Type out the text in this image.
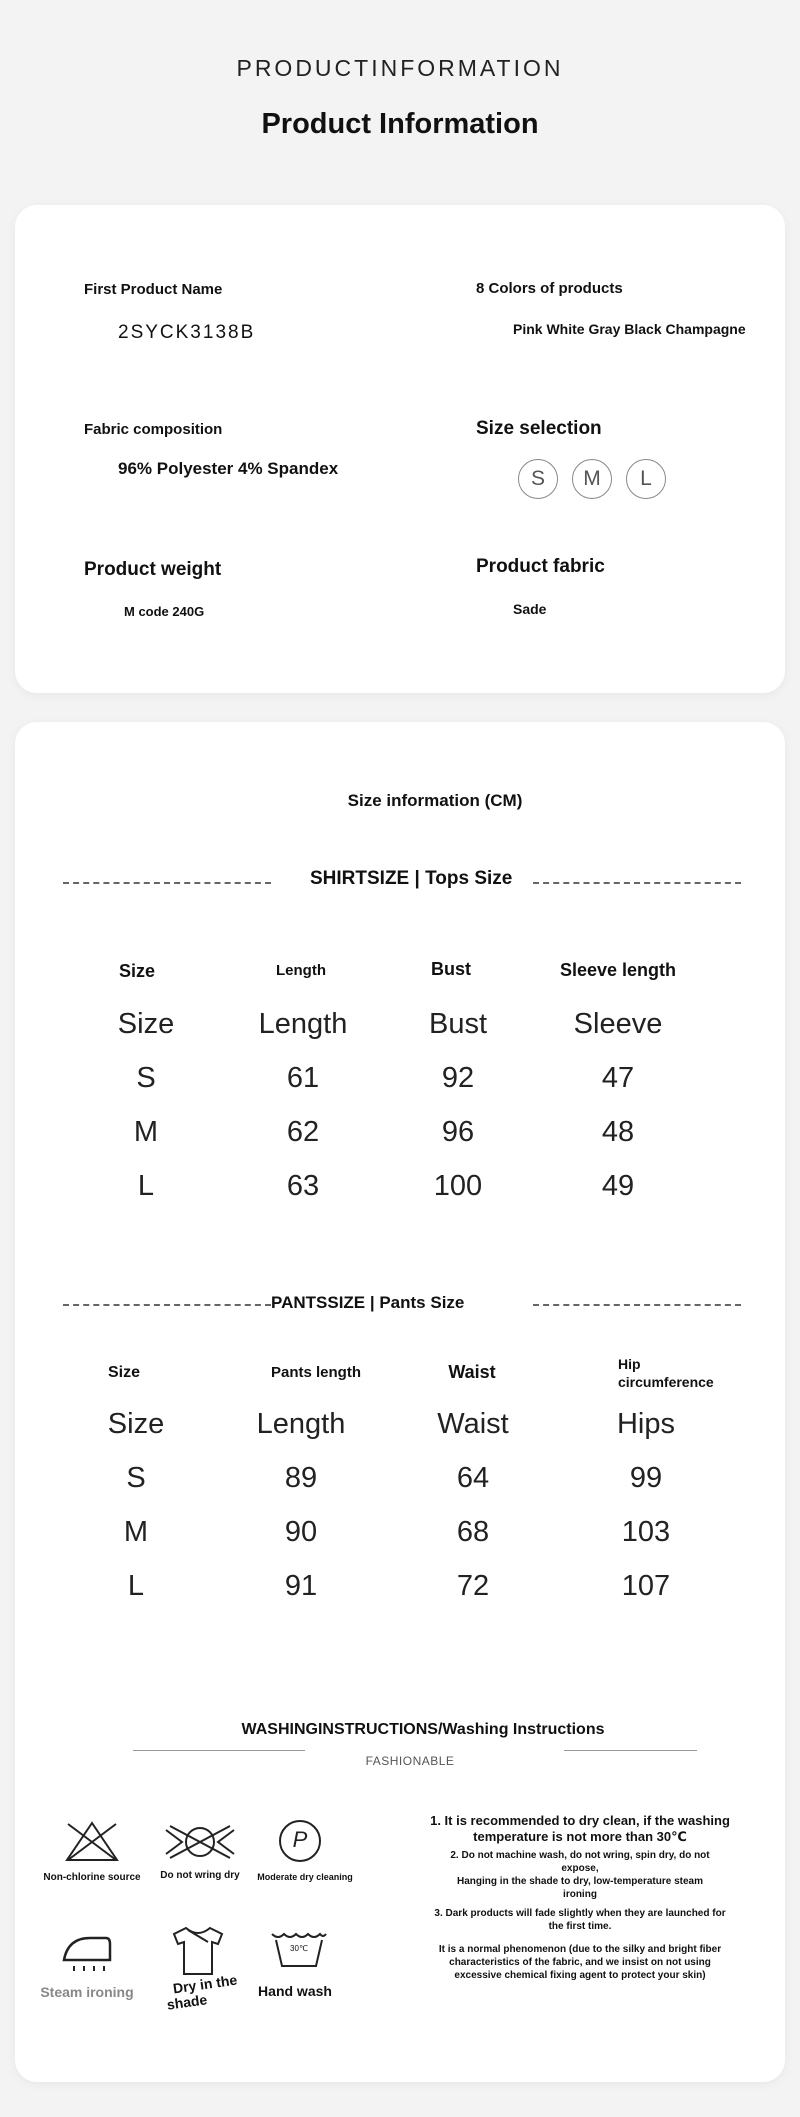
PRODUCTINFORMATION
Product Information
First Product Name
2SYCK3138B
8 Colors of products
Pink White Gray Black Champagne
Fabric composition
96% Polyester 4% Spandex
Size selection
S	M	L
Product weight
M code 240G
Product fabric
Sade
Size information (CM)
SHIRTSIZE | Tops Size
Size	Length	Bust	Sleeve length
Size	Length	Bust	Sleeve
S	61	92	47
M	62	96	48
L	63	100	49
PANTSSIZE | Pants Size
Size	Pants length	Waist	Hip
circumference
Size	Length	Waist	Hips
S	89	64	99
M	90	68	103
L	91	72	107
WASHINGINSTRUCTIONS/Washing Instructions
FASHIONABLE
Non-chlorine source	Do not wring dry
P
Moderate dry cleaning
Steam ironing	Dry in the
shade
30℃
Hand wash
1. It is recommended to dry clean, if the washing
temperature is not more than 30℃
2. Do not machine wash, do not wring, spin dry, do not
expose,
Hanging in the shade to dry, low-temperature steam
ironing
3. Dark products will fade slightly when they are launched for
the first time.
It is a normal phenomenon (due to the silky and bright fiber
characteristics of the fabric, and we insist on not using
excessive chemical fixing agent to protect your skin)
